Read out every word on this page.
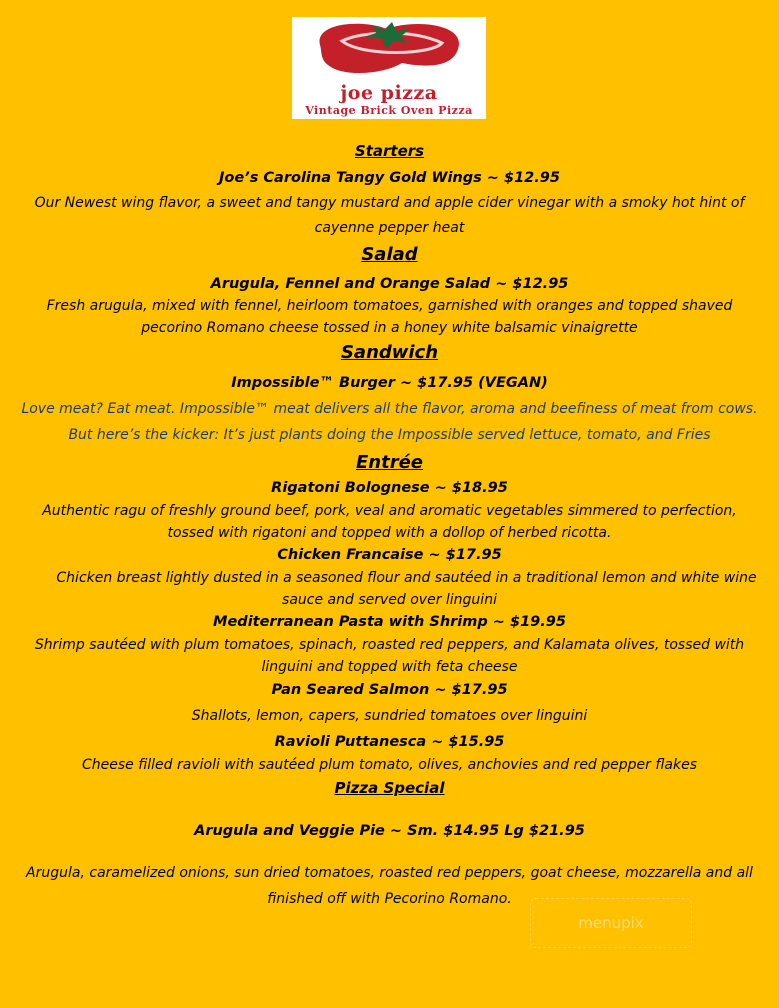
joe pizza
Vintage Brick Oven Pizza
Starters
Joe’s Carolina Tangy Gold Wings ~ $12.95
Our Newest wing flavor, a sweet and tangy mustard and apple cider vinegar with a smoky hot hint of
cayenne pepper heat
Salad
Arugula, Fennel and Orange Salad ~ $12.95
Fresh arugula, mixed with fennel, heirloom tomatoes, garnished with oranges and topped shaved
pecorino Romano cheese tossed in a honey white balsamic vinaigrette
Sandwich
Impossible™ Burger ~ $17.95 (VEGAN)
Love meat? Eat meat. Impossible™ meat delivers all the flavor, aroma and beefiness of meat from cows.
But here’s the kicker: It’s just plants doing the Impossible served lettuce, tomato, and Fries
Entrée
Rigatoni Bolognese ~ $18.95
Authentic ragu of freshly ground beef, pork, veal and aromatic vegetables simmered to perfection,
tossed with rigatoni and topped with a dollop of herbed ricotta.
Chicken Francaise ~ $17.95
Chicken breast lightly dusted in a seasoned flour and sautéed in a traditional lemon and white wine
sauce and served over linguini
Mediterranean Pasta with Shrimp ~ $19.95
Shrimp sautéed with plum tomatoes, spinach, roasted red peppers, and Kalamata olives, tossed with
linguini and topped with feta cheese
Pan Seared Salmon ~ $17.95
Shallots, lemon, capers, sundried tomatoes over linguini
Ravioli Puttanesca ~ $15.95
Cheese filled ravioli with sautéed plum tomato, olives, anchovies and red pepper flakes
Pizza Special
Arugula and Veggie Pie ~ Sm. $14.95 Lg $21.95
Arugula, caramelized onions, sun dried tomatoes, roasted red peppers, goat cheese, mozzarella and all
finished off with Pecorino Romano.
menupix
